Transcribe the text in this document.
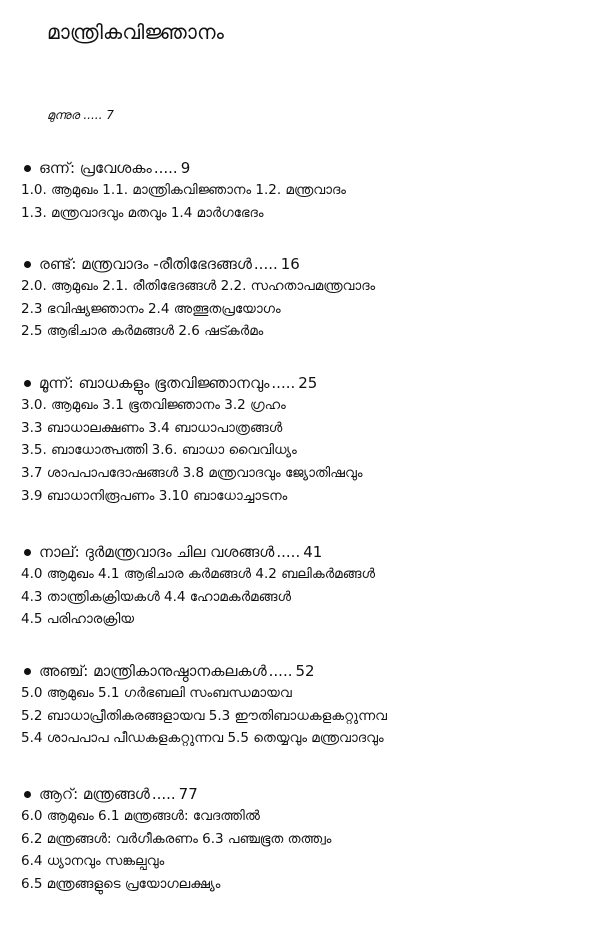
മാന്ത്രികവിജ്ഞാനം
മുന്നുര ..... 7
ഒന്ന്: പ്രവേശകം ..... 9
1.0. ആമുഖം 1.1. മാന്ത്രികവിജ്ഞാനം 1.2. മന്ത്രവാദം
1.3. മന്ത്രവാദവും മതവും 1.4 മാർഗഭേദം
രണ്ട്: മന്ത്രവാദം -രീതിഭേദങ്ങൾ ..... 16
2.0. ആമുഖം 2.1. രീതിഭേദങ്ങൾ 2.2. സഹതാപമന്ത്രവാദം
2.3 ഭവിഷ്യജ്ഞാനം 2.4 അത്ഭുതപ്രയോഗം
2.5 ആഭിചാര കർമങ്ങൾ 2.6 ഷട്കർമം
മൂന്ന്: ബാധകളും ഭൂതവിജ്ഞാനവും ..... 25
3.0. ആമുഖം 3.1 ഭൂതവിജ്ഞാനം 3.2 ഗ്രഹം
3.3 ബാധാലക്ഷണം 3.4 ബാധാപാത്രങ്ങൾ
3.5. ബാധോത്പത്തി 3.6. ബാധാ വൈവിധ്യം
3.7 ശാപപാപദോഷങ്ങൾ 3.8 മന്ത്രവാദവും ജ്യോതിഷവും
3.9 ബാധാനിരൂപണം 3.10 ബാധോച്ചാടനം
നാല്: ദുർമന്ത്രവാദം ചില വശങ്ങൾ ..... 41
4.0 ആമുഖം 4.1 ആഭിചാര കർമങ്ങൾ 4.2 ബലികർമങ്ങൾ
4.3 താന്ത്രികക്രിയകൾ 4.4 ഹോമകർമങ്ങൾ
4.5 പരിഹാരക്രിയ
അഞ്ച്: മാന്ത്രികാനുഷ്ഠാനകലകൾ ..... 52
5.0 ആമുഖം 5.1 ഗർഭബലി സംബന്ധമായവ
5.2 ബാധാപ്രീതികരങ്ങളായവ 5.3 ഈതിബാധകളകറ്റുന്നവ
5.4 ശാപപാപ പീഡകളകറ്റുന്നവ 5.5 തെയ്യവും മന്ത്രവാദവും
ആറ്: മന്ത്രങ്ങൾ ..... 77
6.0 ആമുഖം 6.1 മന്ത്രങ്ങൾ: വേദത്തിൽ
6.2 മന്ത്രങ്ങൾ: വർഗീകരണം 6.3 പഞ്ചഭൂത തത്ത്വം
6.4 ധ്യാനവും സങ്കല്പവും
6.5 മന്ത്രങ്ങളുടെ പ്രയോഗലക്ഷ്യം
